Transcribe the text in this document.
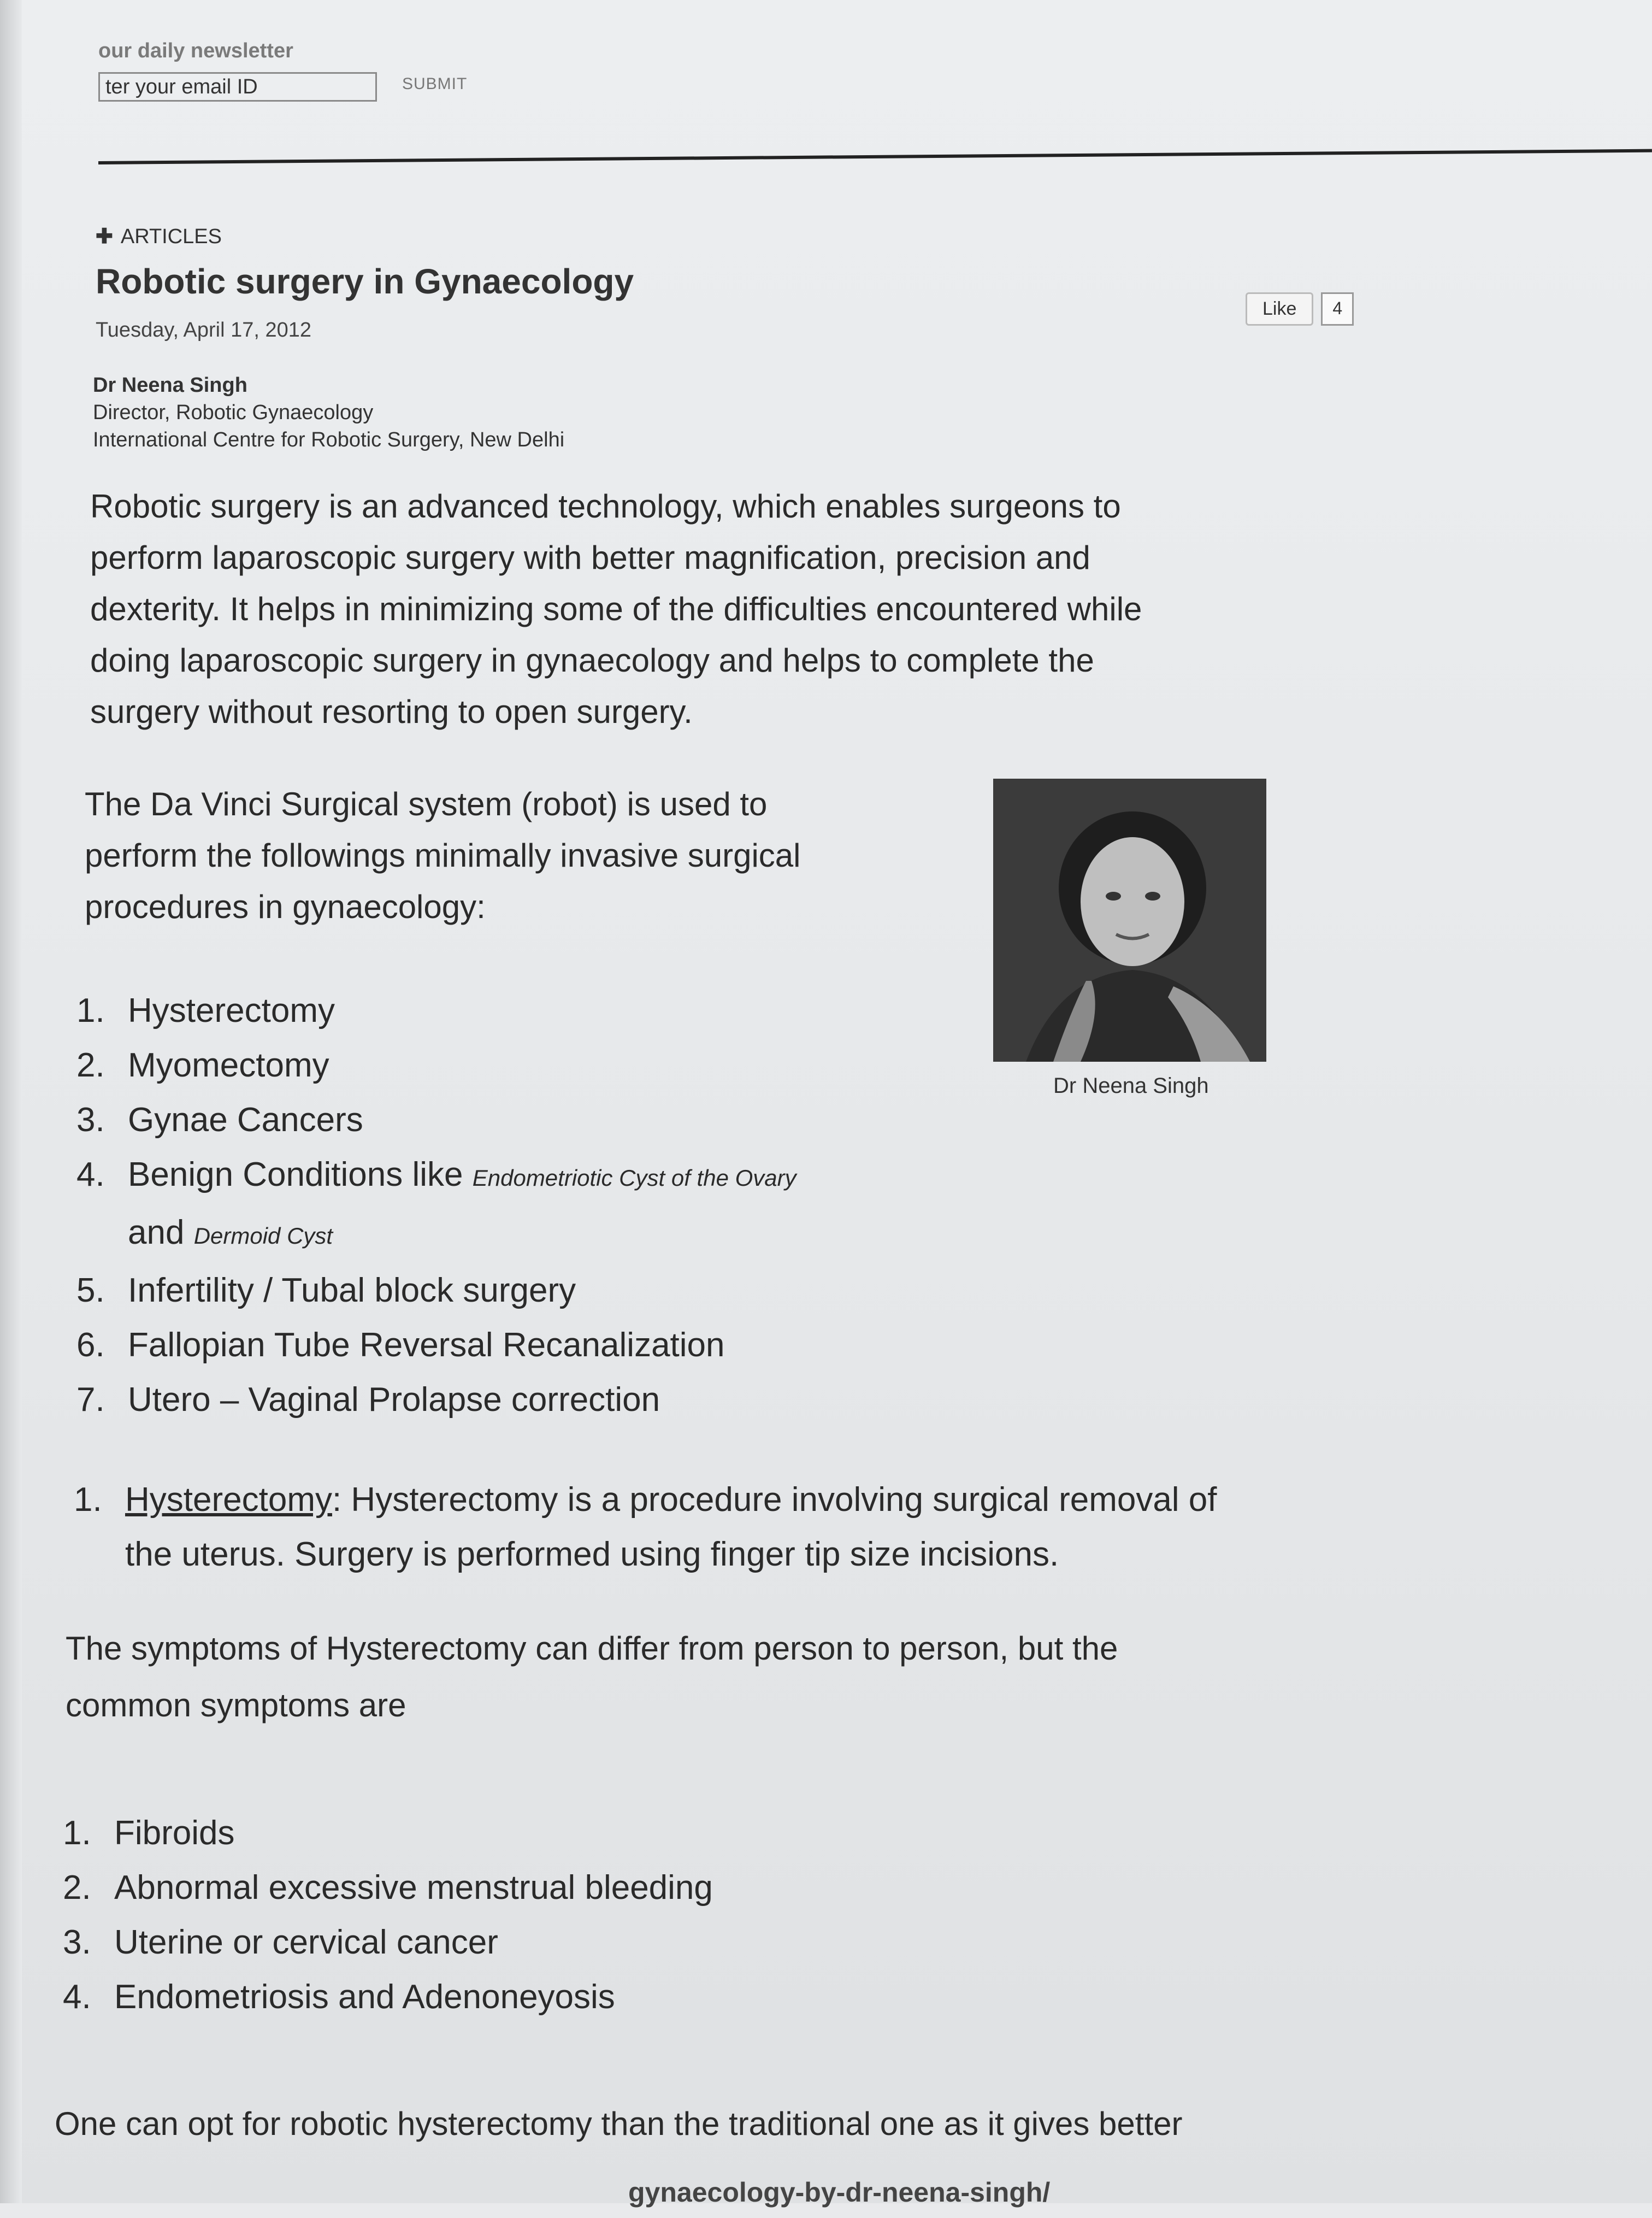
our daily newsletter
ter your email ID
SUBMIT
✚ ARTICLES
Robotic surgery in Gynaecology
Tuesday, April 17, 2012
Like	4
Dr Neena Singh
Director, Robotic Gynaecology
International Centre for Robotic Surgery, New Delhi

Robotic surgery is an advanced technology, which enables surgeons to
perform laparoscopic surgery with better magnification, precision and
dexterity. It helps in minimizing some of the difficulties encountered while
doing laparoscopic surgery in gynaecology and helps to complete the
surgery without resorting to open surgery.

The Da Vinci Surgical system (robot) is used to
perform the followings minimally invasive surgical
procedures in gynaecology:

Dr Neena Singh
1. Hysterectomy
2. Myomectomy
3. Gynae Cancers
4. Benign Conditions like Endometriotic Cyst of the Ovary
and Dermoid Cyst
5. Infertility / Tubal block surgery
6. Fallopian Tube Reversal Recanalization
7. Utero – Vaginal Prolapse correction
1. Hysterectomy: Hysterectomy is a procedure involving surgical removal of
the uterus. Surgery is performed using finger tip size incisions.

The symptoms of Hysterectomy can differ from person to person, but the
common symptoms are

1. Fibroids
2. Abnormal excessive menstrual bleeding
3. Uterine or cervical cancer
4. Endometriosis and Adenoneyosis

One can opt for robotic hysterectomy than the traditional one as it gives better

gynaecology-by-dr-neena-singh/
